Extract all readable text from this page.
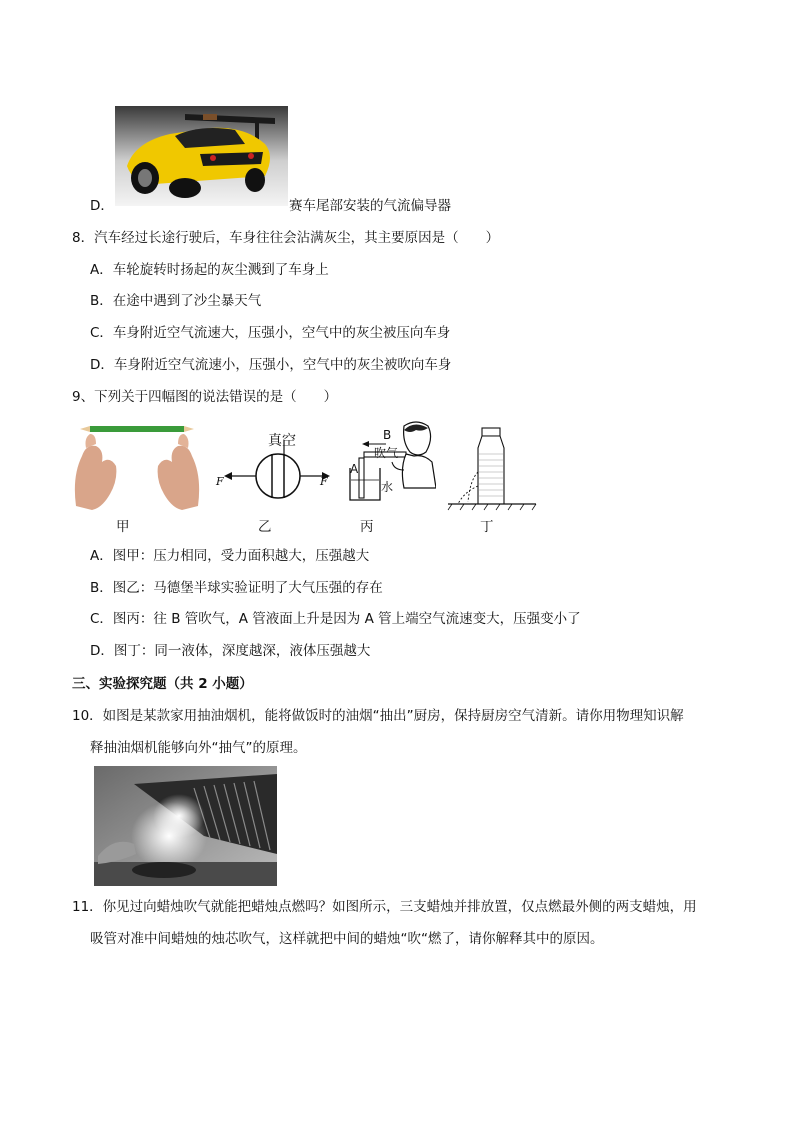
D．	赛车尾部安装的气流偏导器
8．汽车经过长途行驶后，车身往往会沾满灰尘，其主要原因是（　　）
A．车轮旋转时扬起的灰尘溅到了车身上
B．在途中遇到了沙尘暴天气
C．车身附近空气流速大，压强小，空气中的灰尘被压向车身
D．车身附近空气流速小，压强小，空气中的灰尘被吹向车身
9、下列关于四幅图的说法错误的是（　　）
甲
真空
F	F
乙
B
A
吹气
水
丙	丁
A．图甲：压力相同，受力面积越大，压强越大
B．图乙：马德堡半球实验证明了大气压强的存在
C．图丙：往 B 管吹气，A 管液面上升是因为 A 管上端空气流速变大，压强变小了
D．图丁：同一液体，深度越深，液体压强越大
三、实验探究题（共 2 小题）
10．如图是某款家用抽油烟机，能将做饭时的油烟“抽出”厨房，保持厨房空气清新。请你用物理知识解
释抽油烟机能够向外“抽气”的原理。
11．你见过向蜡烛吹气就能把蜡烛点燃吗？如图所示，三支蜡烛并排放置，仅点燃最外侧的两支蜡烛，用
吸管对准中间蜡烛的烛芯吹气，这样就把中间的蜡烛“吹“燃了，请你解释其中的原因。
